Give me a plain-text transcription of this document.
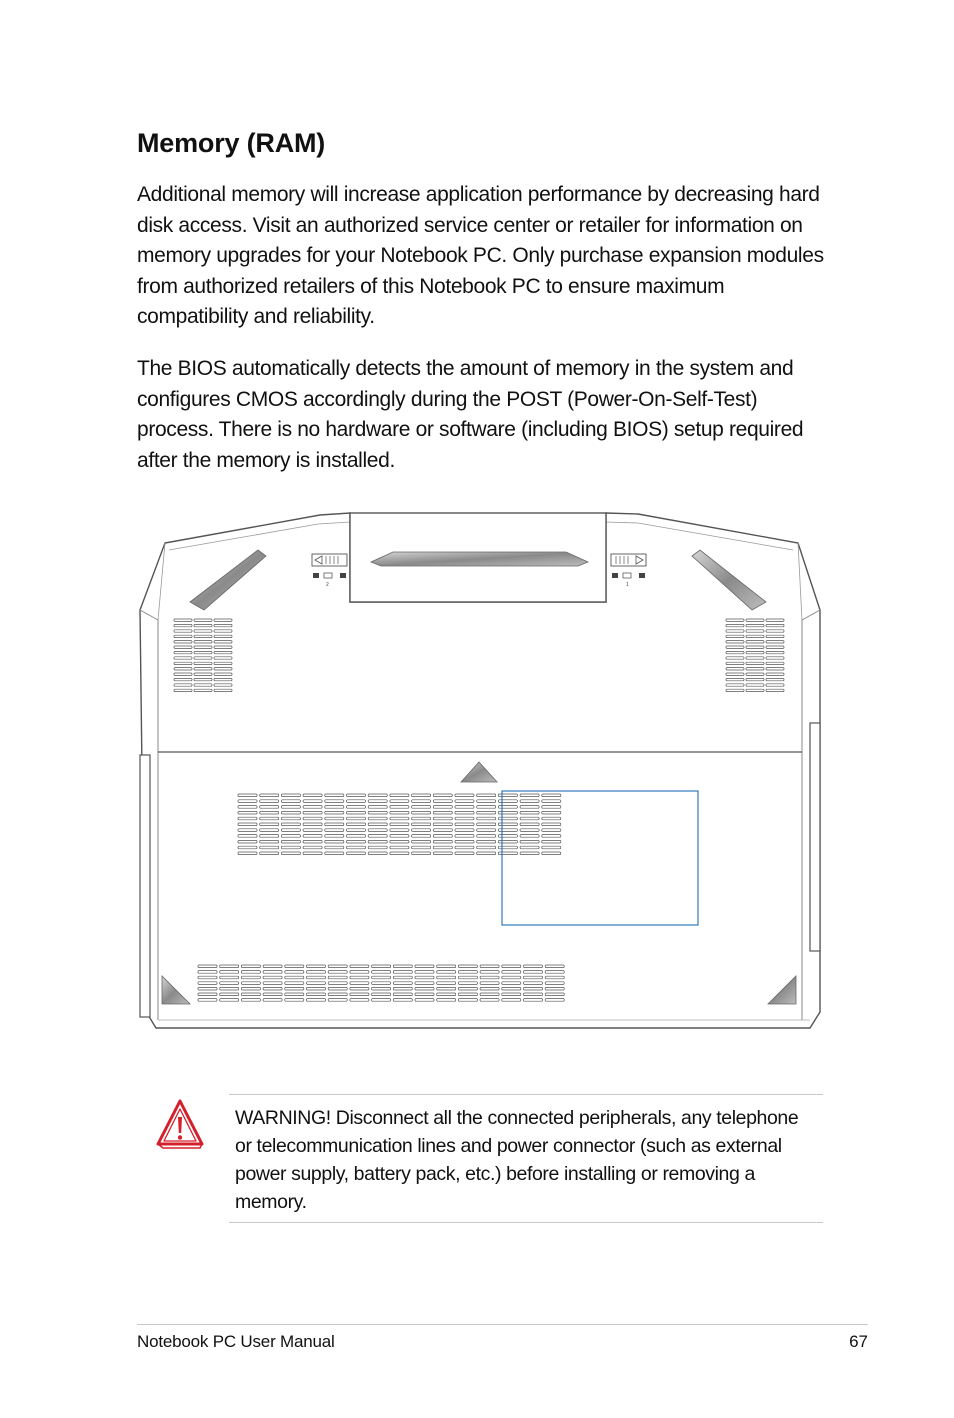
Memory (RAM)

Additional memory will increase application performance by decreasing hard disk access. Visit an authorized service center or retailer for information on memory upgrades for your Notebook PC. Only purchase expansion modules from authorized retailers of this Notebook PC to ensure maximum compatibility and reliability.

The BIOS automatically detects the amount of memory in the system and configures CMOS accordingly during the POST (Power-On-Self-Test) process. There is no hardware or software (including BIOS) setup required after the memory is installed.

2	1

WARNING! Disconnect all the connected peripherals, any telephone or telecommunication lines and power connector (such as external power supply, battery pack, etc.) before installing or removing a memory.

Notebook PC User Manual	67
